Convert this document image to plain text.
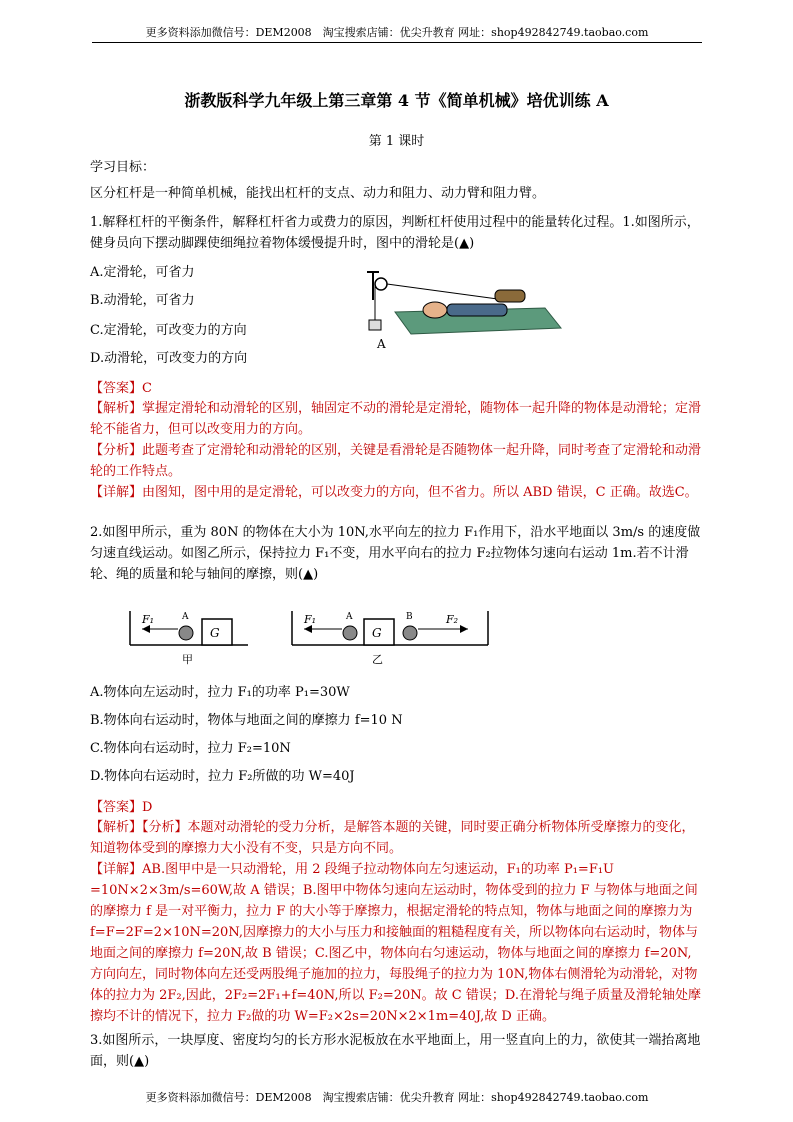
更多资料添加微信号：DEM2008　淘宝搜索店铺：优尖升教育 网址：shop492842749.taobao.com
浙教版科学九年级上第三章第 4 节《简单机械》培优训练 A
第 1 课时
学习目标：
区分杠杆是一种简单机械，能找出杠杆的支点、动力和阻力、动力臂和阻力臂。
1.解释杠杆的平衡条件，解释杠杆省力或费力的原因，判断杠杆使用过程中的能量转化过程。1.如图所示，健身员向下摆动脚踝使细绳拉着物体缓慢提升时，图中的滑轮是(▲)
A.定滑轮，可省力
B.动滑轮，可省力
C.定滑轮，可改变力的方向
D.动滑轮，可改变力的方向
A
【答案】C
【解析】掌握定滑轮和动滑轮的区别，轴固定不动的滑轮是定滑轮，随物体一起升降的物体是动滑轮；定滑轮不能省力，但可以改变用力的方向。
【分析】此题考查了定滑轮和动滑轮的区别，关键是看滑轮是否随物体一起升降，同时考查了定滑轮和动滑轮的工作特点。
【详解】由图知，图中用的是定滑轮，可以改变力的方向，但不省力。所以 ABD 错误，C 正确。故选C。
2.如图甲所示，重为 80N 的物体在大小为 10N,水平向左的拉力 F₁作用下，沿水平地面以 3m/s 的速度做匀速直线运动。如图乙所示，保持拉力 F₁不变，用水平向右的拉力 F₂拉物体匀速向右运动 1m.若不计滑轮、绳的质量和轮与轴间的摩擦，则(▲)
F₁	A
G
甲
F₁	A
G
B	F₂
乙
A.物体向左运动时，拉力 F₁的功率 P₁=30W
B.物体向右运动时，物体与地面之间的摩擦力 f=10 N
C.物体向右运动时，拉力 F₂=10N
D.物体向右运动时，拉力 F₂所做的功 W=40J
【答案】D
【解析】【分析】本题对动滑轮的受力分析，是解答本题的关键，同时要正确分析物体所受摩擦力的变化，知道物体受到的摩擦力大小没有不变，只是方向不同。
【详解】AB.图甲中是一只动滑轮，用 2 段绳子拉动物体向左匀速运动，F₁的功率 P₁=F₁U =10N×2×3m/s=60W,故 A 错误；B.图甲中物体匀速向左运动时，物体受到的拉力 F 与物体与地面之间的摩擦力 f 是一对平衡力，拉力 F 的大小等于摩擦力，根据定滑轮的特点知，物体与地面之间的摩擦力为 f=F=2F=2×10N=20N,因摩擦力的大小与压力和接触面的粗糙程度有关，所以物体向右运动时，物体与地面之间的摩擦力 f=20N,故 B 错误；C.图乙中，物体向右匀速运动，物体与地面之间的摩擦力 f=20N,方向向左，同时物体向左还受两股绳子施加的拉力，每股绳子的拉力为 10N,物体右侧滑轮为动滑轮，对物体的拉力为 2F₂,因此，2F₂=2F₁+f=40N,所以 F₂=20N。故 C 错误；D.在滑轮与绳子质量及滑轮轴处摩擦均不计的情况下，拉力 F₂做的功 W=F₂×2s=20N×2×1m=40J,故 D 正确。
3.如图所示，一块厚度、密度均匀的长方形水泥板放在水平地面上，用一竖直向上的力，欲使其一端抬离地面，则(▲)
更多资料添加微信号：DEM2008　淘宝搜索店铺：优尖升教育 网址：shop492842749.taobao.com
